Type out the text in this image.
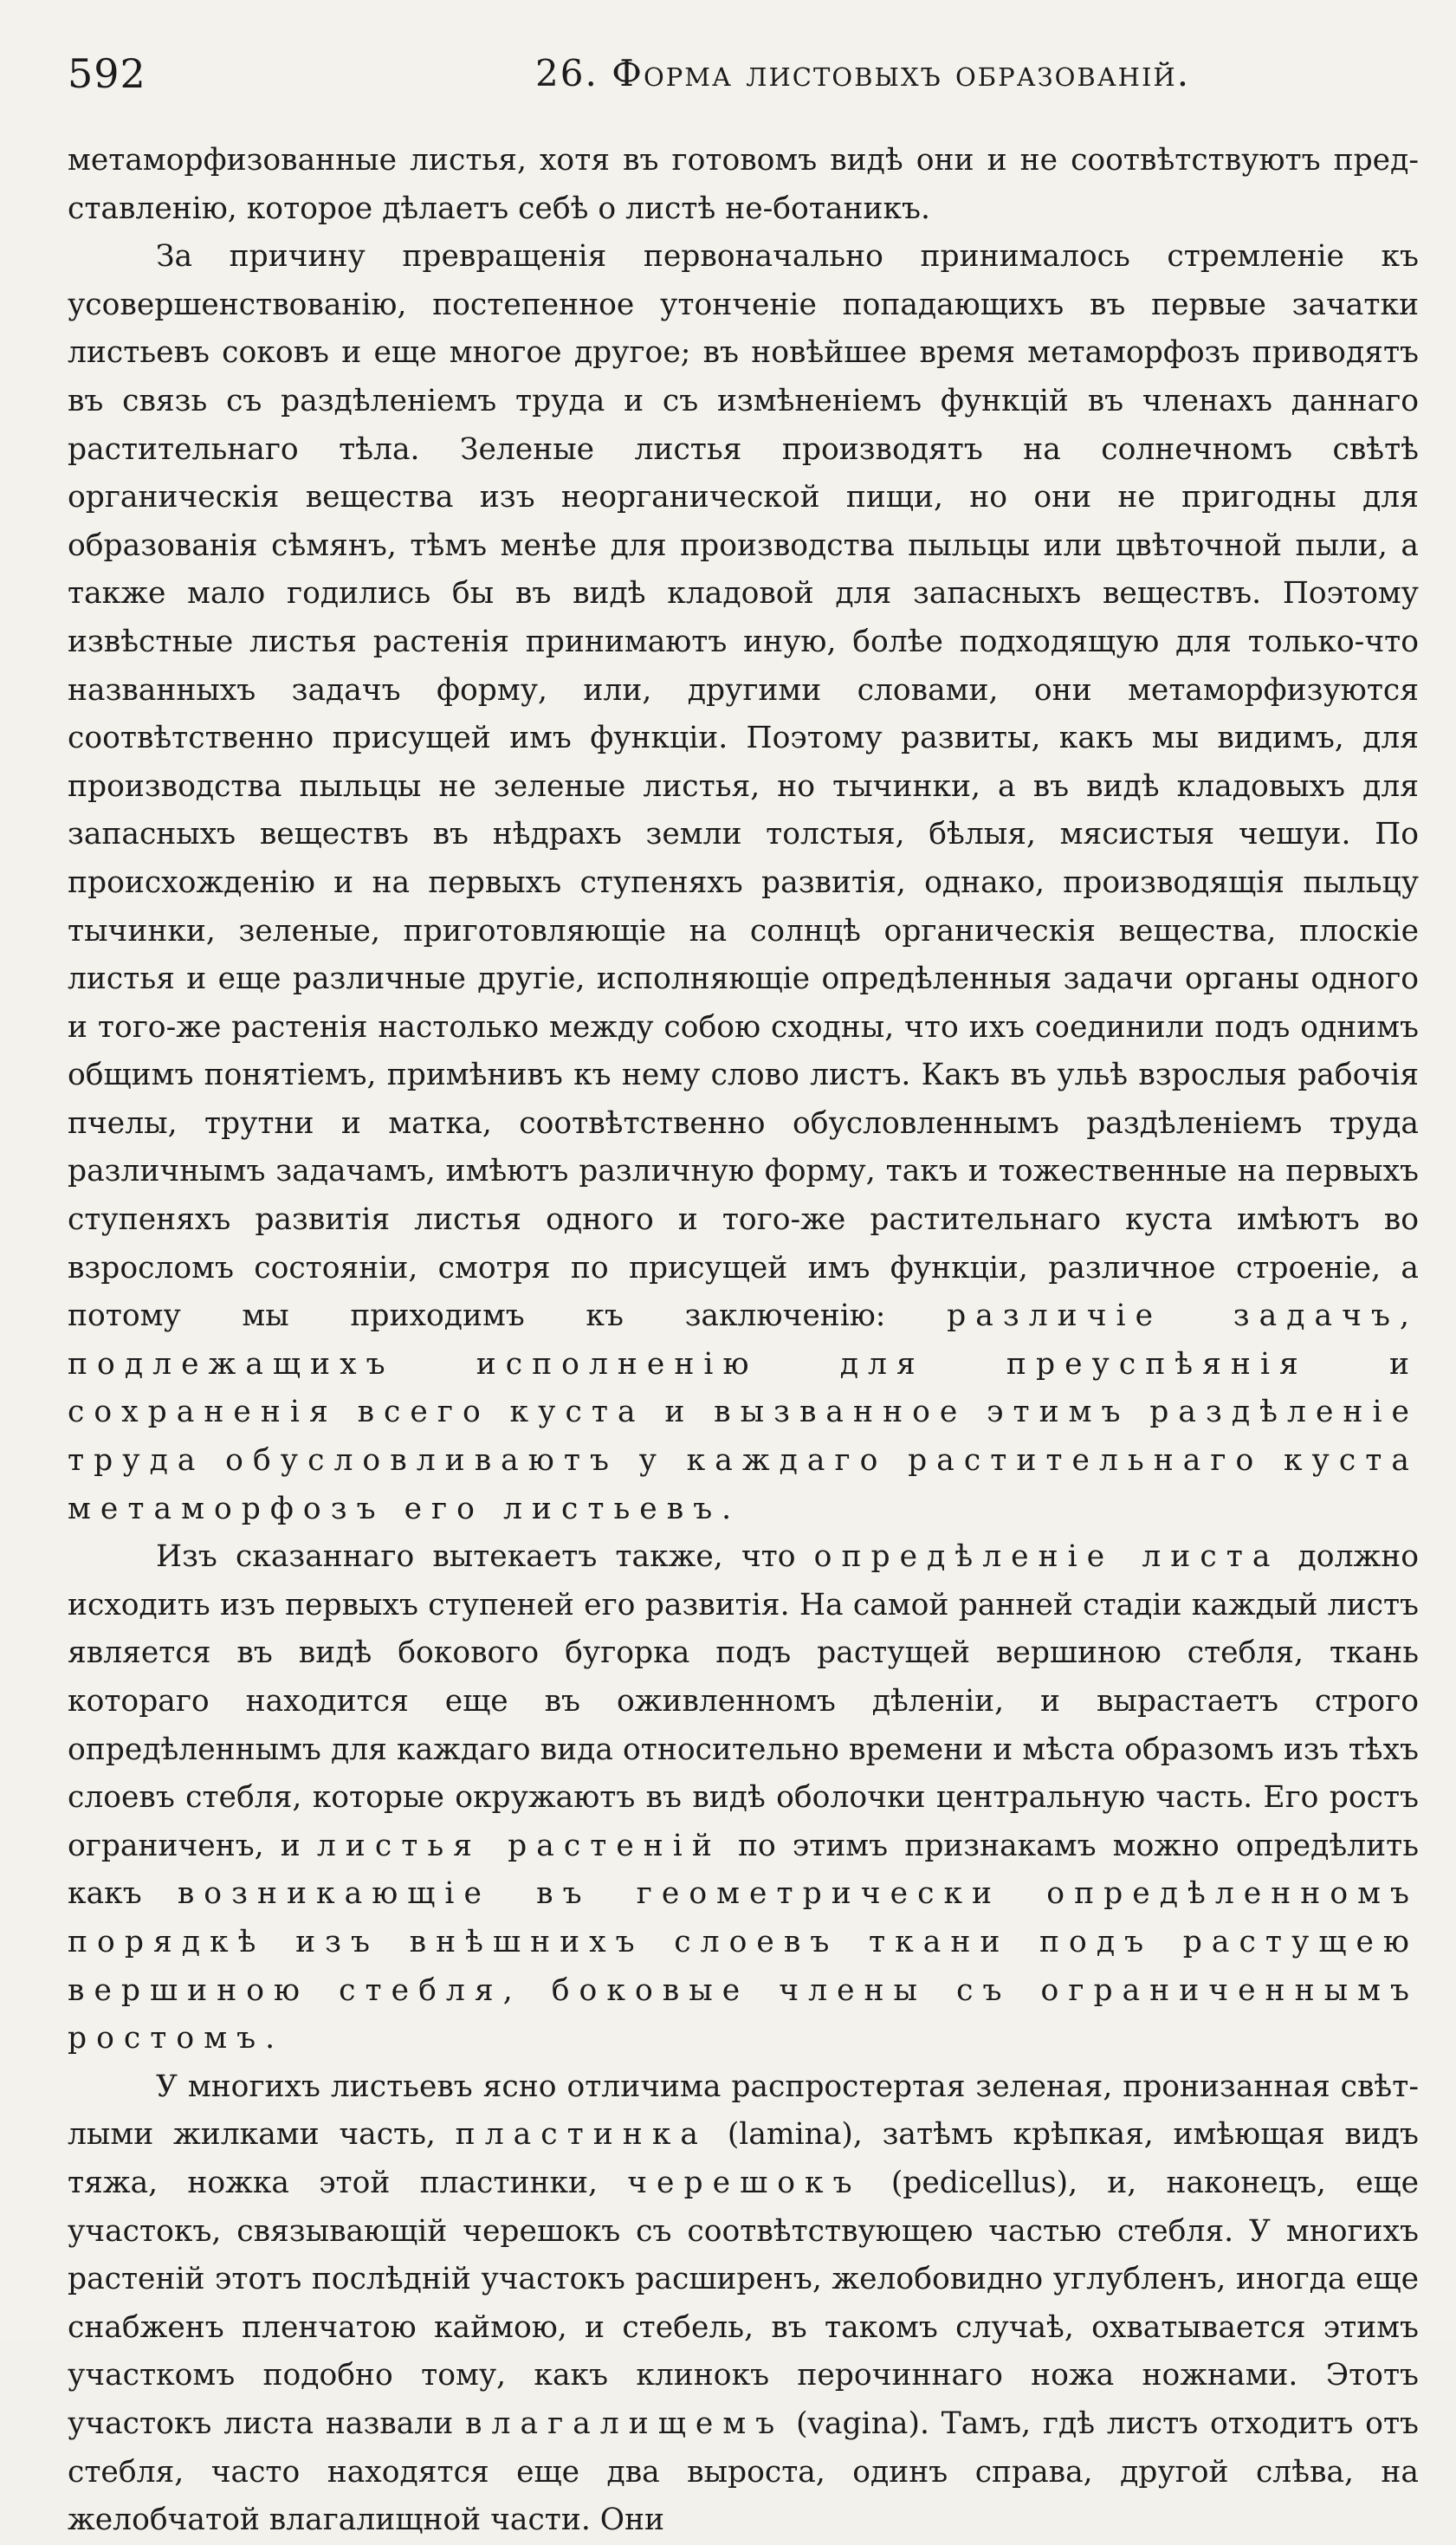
592	26. Форма листовыхъ образованій.

метаморфизованные листья, хотя въ готовомъ видѣ они и не соотвѣтствуютъ представленію, которое дѣлаетъ себѣ о листѣ не-ботаникъ.

За причину превращенія первоначально принималось стремленіе къ усовершенствованію, постепенное утонченіе попадающихъ въ первые зачатки листьевъ соковъ и еще многое другое; въ новѣйшее время метаморфозъ приводятъ въ связь съ раздѣленіемъ труда и съ измѣненіемъ функцій въ членахъ даннаго растительнаго тѣла. Зеленые листья производятъ на солнечномъ свѣтѣ органическія вещества изъ неорганической пищи, но они не пригодны для образованія сѣмянъ, тѣмъ менѣе для производства пыльцы или цвѣточной пыли, а также мало годились бы въ видѣ кладовой для запасныхъ веществъ. Поэтому извѣстные листья растенія принимаютъ иную, болѣе подходящую для только-что названныхъ задачъ форму, или, другими словами, они метаморфизуются соотвѣтственно присущей имъ функціи. Поэтому развиты, какъ мы видимъ, для производства пыльцы не зеленые листья, но тычинки, а въ видѣ кладовыхъ для запасныхъ веществъ въ нѣдрахъ земли толстыя, бѣлыя, мясистыя чешуи. По происхожденію и на первыхъ ступеняхъ развитія, однако, производящія пыльцу тычинки, зеленые, приготовляющіе на солнцѣ органическія вещества, плоскіе листья и еще различные другіе, исполняющіе опредѣленныя задачи органы одного и того-же растенія настолько между собою сходны, что ихъ соединили подъ однимъ общимъ понятіемъ, примѣнивъ къ нему слово листъ. Какъ въ ульѣ взрослыя рабочія пчелы, трутни и матка, соотвѣтственно обусловленнымъ раздѣленіемъ труда различнымъ задачамъ, имѣютъ различную форму, такъ и тожественные на первыхъ ступеняхъ развитія листья одного и того-же растительнаго куста имѣютъ во взросломъ состояніи, смотря по присущей имъ функціи, различное строеніе, а потому мы приходимъ къ заключенію: различіе задачъ, подлежащихъ исполненію для преуспѣянія и сохраненія всего куста и вызванное этимъ раздѣленіе труда обусловливаютъ у каждаго растительнаго куста метаморфозъ его листьевъ.

Изъ сказаннаго вытекаетъ также, что опредѣленіе листа должно исходить изъ первыхъ ступеней его развитія. На самой ранней стадіи каждый листъ является въ видѣ бокового бугорка подъ растущей вершиною стебля, ткань котораго находится еще въ оживленномъ дѣленіи, и вырастаетъ строго опредѣленнымъ для каждаго вида относительно времени и мѣста образомъ изъ тѣхъ слоевъ стебля, которые окружаютъ въ видѣ оболочки центральную часть. Его ростъ ограниченъ, и листья растеній по этимъ признакамъ можно опредѣлить какъ возникающіе въ геометрически опредѣленномъ порядкѣ изъ внѣшнихъ слоевъ ткани подъ растущею вершиною стебля, боковые члены съ ограниченнымъ ростомъ.

У многихъ листьевъ ясно отличима распростертая зеленая, пронизанная свѣтлыми жилками часть, пластинка (lamina), затѣмъ крѣпкая, имѣющая видъ тяжа, ножка этой пластинки, черешокъ (pedicellus), и, наконецъ, еще участокъ, связывающій черешокъ съ соотвѣтствующею частью стебля. У многихъ растеній этотъ послѣдній участокъ расширенъ, желобовидно углубленъ, иногда еще снабженъ пленчатою каймою, и стебель, въ такомъ случаѣ, охватывается этимъ участкомъ подобно тому, какъ клинокъ перочиннаго ножа ножнами. Этотъ участокъ листа назвали влагалищемъ (vagina). Тамъ, гдѣ листъ отходитъ отъ стебля, часто находятся еще два выроста, одинъ справа, другой слѣва, на желобчатой влагалищной части. Они
